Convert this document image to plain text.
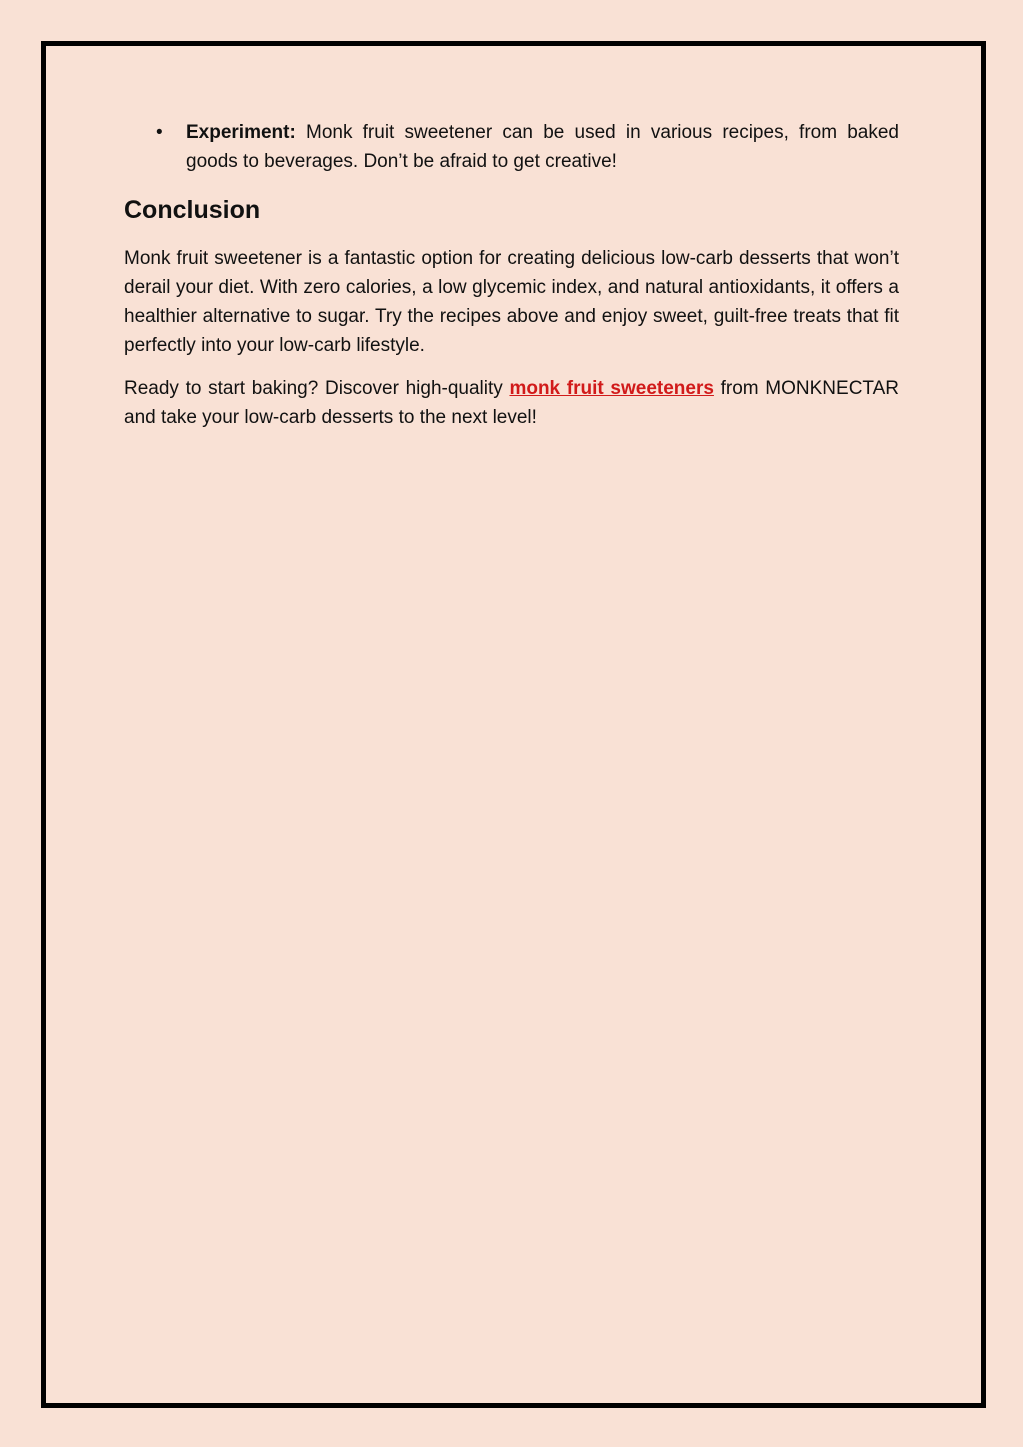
• Experiment: Monk fruit sweetener can be used in various recipes, from baked goods to beverages. Don’t be afraid to get creative!
Conclusion

Monk fruit sweetener is a fantastic option for creating delicious low-carb desserts that won’t derail your diet. With zero calories, a low glycemic index, and natural antioxidants, it offers a healthier alternative to sugar. Try the recipes above and enjoy sweet, guilt-free treats that fit perfectly into your low-carb lifestyle.

Ready to start baking? Discover high-quality monk fruit sweeteners from MONKNECTAR and take your low-carb desserts to the next level!
